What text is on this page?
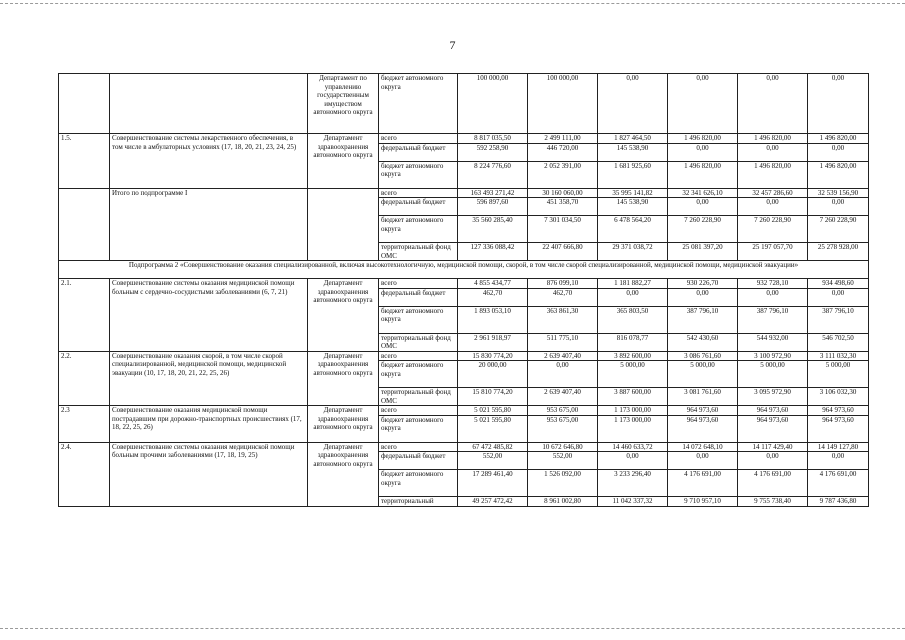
7
		Департамент по управлению государственным имуществом автономного округа	бюджет автономного округа	100 000,00	100 000,00	0,00	0,00	0,00	0,00
1.5.	Совершенствование системы лекарственного обеспечения, в том числе в амбулаторных условиях (17, 18, 20, 21, 23, 24, 25)	Департамент здравоохранения автономного округа	всего	8 817 035,50	2 499 111,00	1 827 464,50	1 496 820,00	1 496 820,00	1 496 820,00
			федеральный бюджет	592 258,90	446 720,00	145 538,90	0,00	0,00	0,00
			бюджет автономного округа	8 224 776,60	2 052 391,00	1 681 925,60	1 496 820,00	1 496 820,00	1 496 820,00
	Итого по подпрограмме I		всего	163 493 271,42	30 160 060,00	35 995 141,82	32 341 626,10	32 457 286,60	32 539 156,90
			федеральный бюджет	596 897,60	451 358,70	145 538,90	0,00	0,00	0,00
			бюджет автономного округа	35 560 285,40	7 301 034,50	6 478 564,20	7 260 228,90	7 260 228,90	7 260 228,90
			территориальный фонд ОМС	127 336 088,42	22 407 666,80	29 371 038,72	25 081 397,20	25 197 057,70	25 278 928,00
Подпрограмма 2 «Совершенствование оказания специализированной, включая высокотехнологичную, медицинской помощи, скорой, в том числе скорой специализированной, медицинской помощи, медицинской эвакуации»									
2.1.	Совершенствование системы оказания медицинской помощи больным с сердечно-сосудистыми заболеваниями (6, 7, 21)	Департамент здравоохранения автономного округа	всего	4 855 434,77	876 099,10	1 181 882,27	930 226,70	932 728,10	934 498,60
			федеральный бюджет	462,70	462,70	0,00	0,00	0,00	0,00
			бюджет автономного округа	1 893 053,10	363 861,30	365 803,50	387 796,10	387 796,10	387 796,10
			территориальный фонд ОМС	2 961 918,97	511 775,10	816 078,77	542 430,60	544 932,00	546 702,50
2.2.	Совершенствование оказания скорой, в том числе скорой специализированной, медицинской помощи, медицинской эвакуации (10, 17, 18, 20, 21, 22, 25, 26)	Департамент здравоохранения автономного округа	всего	15 830 774,20	2 639 407,40	3 892 600,00	3 086 761,60	3 100 972,90	3 111 032,30
			бюджет автономного округа	20 000,00	0,00	5 000,00	5 000,00	5 000,00	5 000,00
			территориальный фонд ОМС	15 810 774,20	2 639 407,40	3 887 600,00	3 081 761,60	3 095 972,90	3 106 032,30
2.3	Совершенствование оказания медицинской помощи пострадавшим при дорожно-транспортных происшествиях (17, 18, 22, 25, 26)	Департамент здравоохранения автономного округа	всего	5 021 595,80	953 675,00	1 173 000,00	964 973,60	964 973,60	964 973,60
			бюджет автономного округа	5 021 595,80	953 675,00	1 173 000,00	964 973,60	964 973,60	964 973,60
2.4.	Совершенствование системы оказания медицинской помощи больным прочими заболеваниями (17, 18, 19, 25)	Департамент здравоохранения автономного округа	всего	67 472 485,82	10 672 646,80	14 460 633,72	14 072 648,10	14 117 429,40	14 149 127,80
			федеральный бюджет	552,00	552,00	0,00	0,00	0,00	0,00
			бюджет автономного округа	17 289 461,40	1 526 092,00	3 233 296,40	4 176 691,00	4 176 691,00	4 176 691,00
			территориальный	49 257 472,42	8 961 002,80	11 042 337,32	9 710 957,10	9 755 738,40	9 787 436,80
